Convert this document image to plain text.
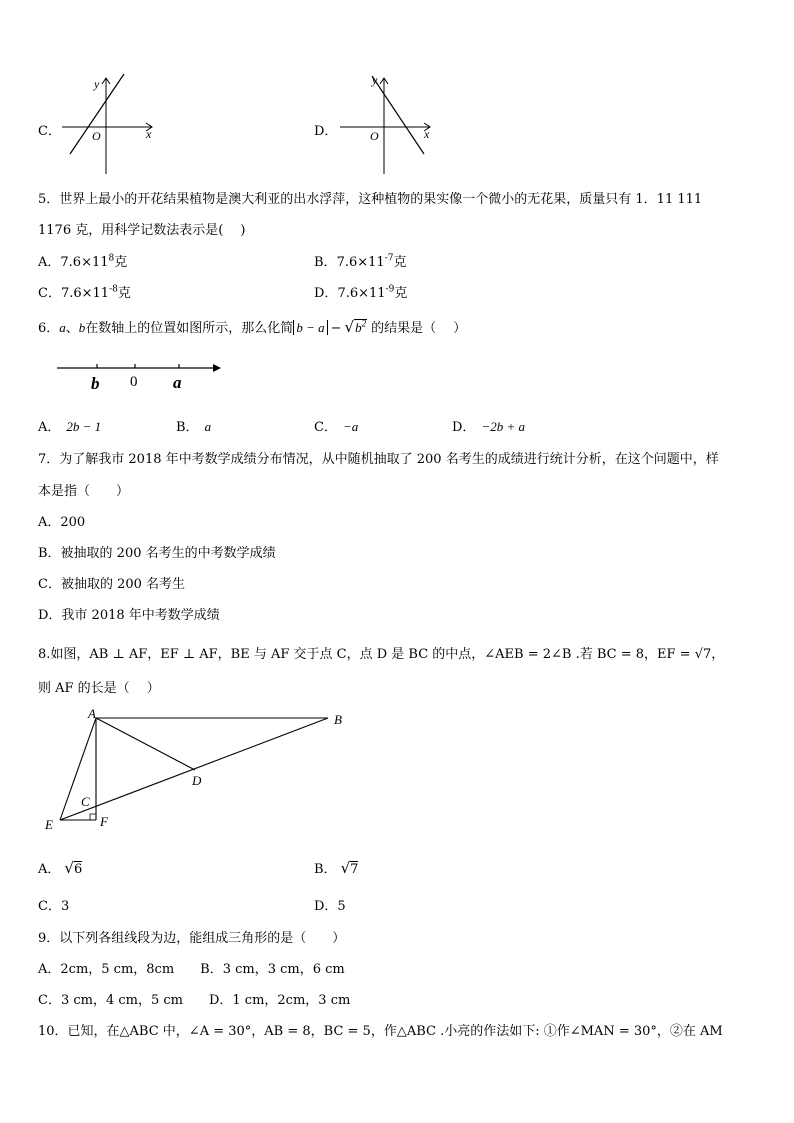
C．
y
x
O	D．
y
x
O
5．世界上最小的开花结果植物是澳大利亚的出水浮萍，这种植物的果实像一个微小的无花果，质量只有 1．11 111
1176 克，用科学记数法表示是(　 )
A．$7.6\times 11^8$克	B．$7.6\times 11^{-7}$克
C．$7.6\times 11^{-8}$克	D．$7.6\times 11^{-9}$克
6．a、b在数轴上的位置如图所示，那么化简 $b - a - √b^2$ 的结果是（　 ）
b 0 a
A． 2b − 1	B． a	C． −a	D． −2b + a
7．为了解我市 2018 年中考数学成绩分布情况，从中随机抽取了 200 名考生的成绩进行统计分析，在这个问题中，样
本是指（　　）
A．200
B．被抽取的 200 名考生的中考数学成绩
C．被抽取的 200 名考生
D．我市 2018 年中考数学成绩
8.如图，AB ⊥ AF，EF ⊥ AF，BE 与 AF 交于点 C，点 D 是 BC 的中点，∠AEB = 2∠B .若 BC = 8，EF = √7，
则 AF 的长是（　 ）
A	B
C
D
E	F
A． √6	B． √7
C．3	D．5
9．以下列各组线段为边，能组成三角形的是（　　）
A．2cm，5 cm，8cm　　B．3 cm，3 cm，6 cm
C．3 cm，4 cm，5 cm　　D．1 cm，2cm，3 cm
10．已知，在△ABC 中，∠A = 30°，AB = 8，BC = 5，作△ABC .小亮的作法如下: ①作∠MAN = 30°，②在 AM
